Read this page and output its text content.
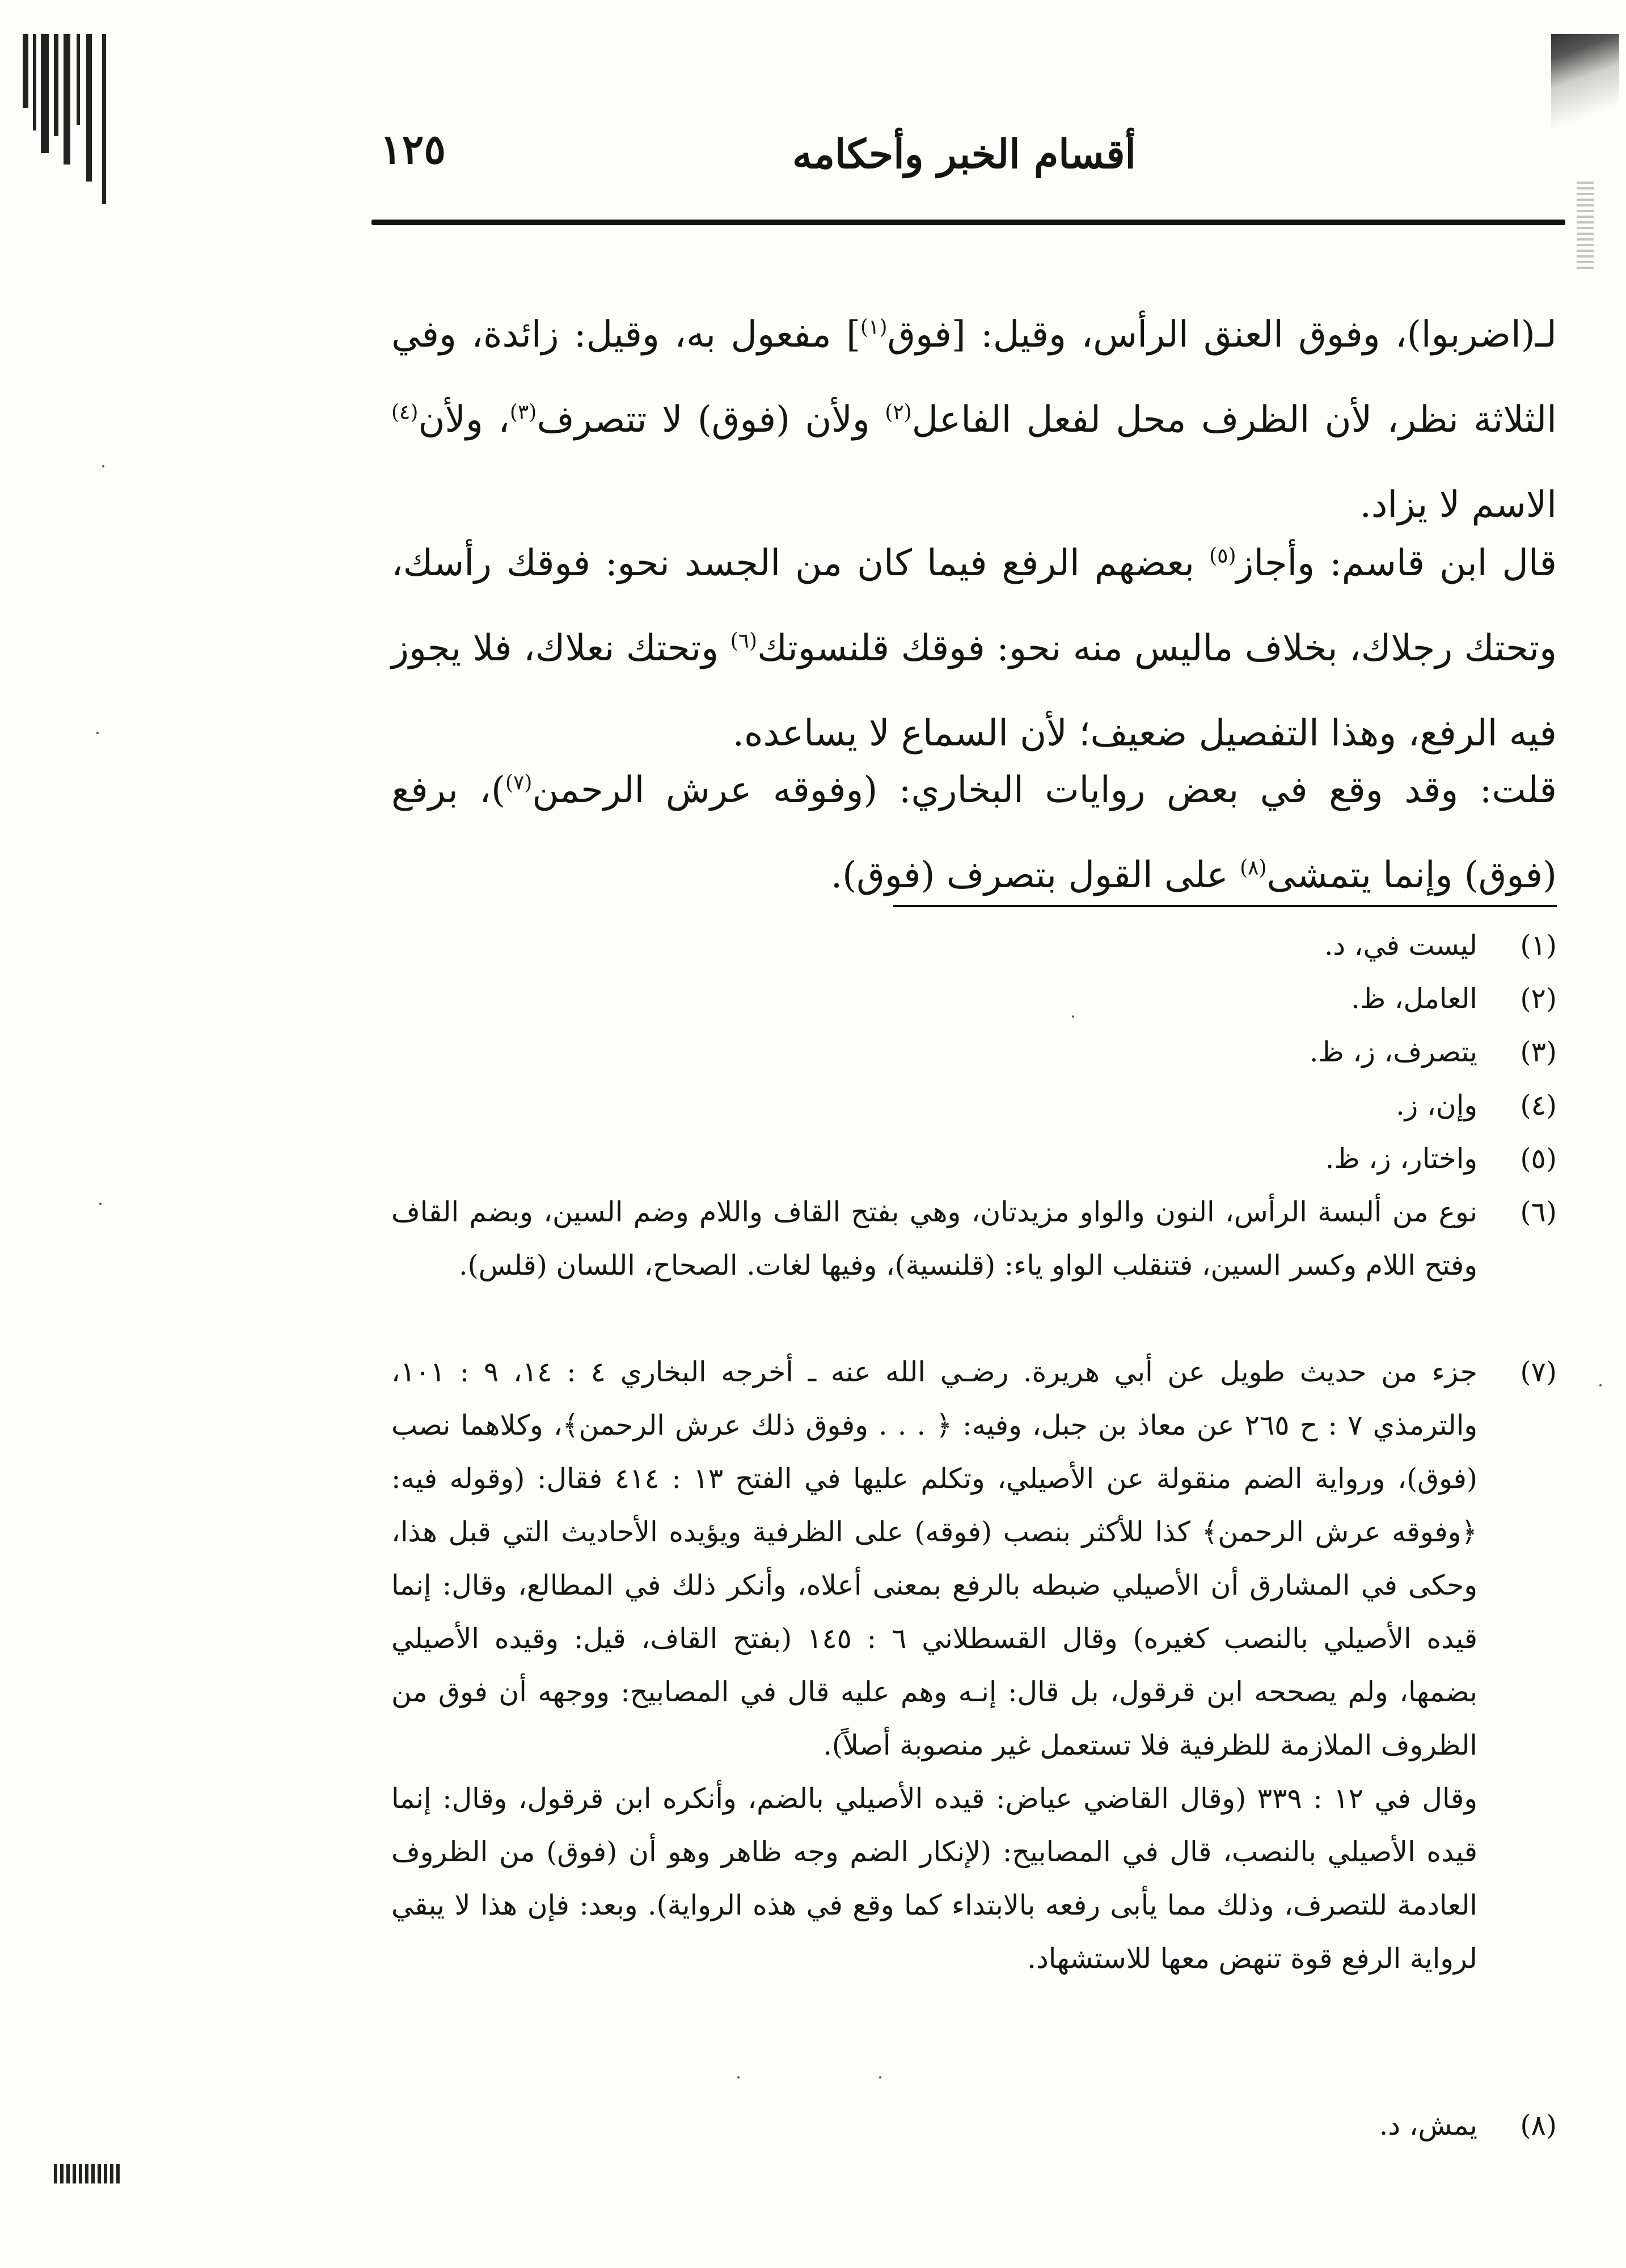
أقسام الخبر وأحكامه
١٢٥
لـ(اضربوا)، وفوق العنق الرأس، وقيل: [فوق$^{(١)}$] مفعول به، وقيل: زائدة، وفي الثلاثة نظر، لأن الظرف محل لفعل الفاعل$^{(٢)}$ ولأن (فوق) لا تتصرف$^{(٣)}$، ولأن$^{(٤)}$ الاسم لا يزاد.
قال ابن قاسم: وأجاز$^{(٥)}$ بعضهم الرفع فيما كان من الجسد نحو: فوقك رأسك، وتحتك رجلاك، بخلاف ماليس منه نحو: فوقك قلنسوتك$^{(٦)}$ وتحتك نعلاك، فلا يجوز فيه الرفع، وهذا التفصيل ضعيف؛ لأن السماع لا يساعده.
قلت: وقد وقع في بعض روايات البخاري: (وفوقه عرش الرحمن$^{(٧)}$)، برفع (فوق) وإنما يتمشى$^{(٨)}$ على القول بتصرف (فوق).
(١)
ليست في، د.
(٢)
العامل، ظ.
(٣)
يتصرف، ز، ظ.
(٤)
وإن، ز.
(٥)
واختار، ز، ظ.
(٦)
نوع من ألبسة الرأس، النون والواو مزيدتان، وهي بفتح القاف واللام وضم السين، وبضم القاف وفتح اللام وكسر السين، فتنقلب الواو ياء: (قلنسية)، وفيها لغات. الصحاح، اللسان (قلس).
(٧)
جزء من حديث طويل عن أبي هريرة. رضـي الله عنه ـ أخرجه البخاري ٤ : ١٤، ٩ : ١٠١، والترمذي ٧ : ح ٢٦٥ عن معاذ بن جبل، وفيه: ﴿ . . . وفوق ذلك عرش الرحمن﴾، وكلاهما نصب (فوق)، ورواية الضم منقولة عن الأصيلي، وتكلم عليها في الفتح ١٣ : ٤١٤ فقال: (وقوله فيه: ﴿وفوقه عرش الرحمن﴾ كذا للأكثر بنصب (فوقه) على الظرفية ويؤيده الأحاديث التي قبل هذا، وحكى في المشارق أن الأصيلي ضبطه بالرفع بمعنى أعلاه، وأنكر ذلك في المطالع، وقال: إنما قيده الأصيلي بالنصب كغيره) وقال القسطلاني ٦ : ١٤٥ (بفتح القاف، قيل: وقيده الأصيلي بضمها، ولم يصححه ابن قرقول، بل قال: إنـه وهم عليه قال في المصابيح: ووجهه أن فوق من الظروف الملازمة للظرفية فلا تستعمل غير منصوبة أصلاً).
وقال في ١٢ : ٣٣٩ (وقال القاضي عياض: قيده الأصيلي بالضم، وأنكره ابن قرقول، وقال: إنما قيده الأصيلي بالنصب، قال في المصابيح: (لإنكار الضم وجه ظاهر وهو أن (فوق) من الظروف العادمة للتصرف، وذلك مما يأبى رفعه بالابتداء كما وقع في هذه الرواية). وبعد: فإن هذا لا يبقي لرواية الرفع قوة تنهض معها للاستشهاد.
(٨)
يمش، د.
